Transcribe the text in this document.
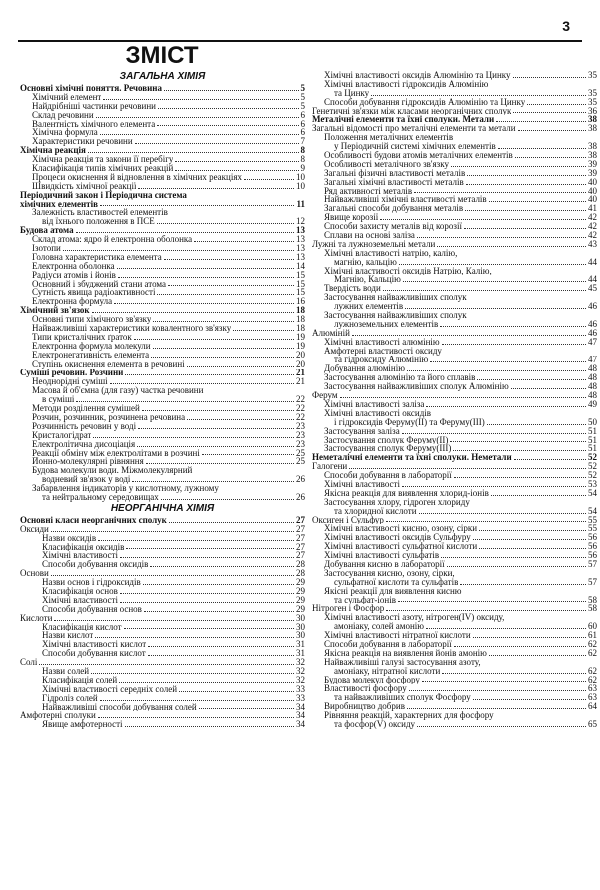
3
ЗМІСТ
ЗАГАЛЬНА ХІМІЯ
Основні хімічні поняття. Речовина	5
Хімічний елемент	5
Найдрібніші частинки речовини	5
Склад речовини	6
Валентність хімічного елемента	6
Хімічна формула	6
Характеристики речовини	7
Хімічна реакція	8
Хімічна реакція та закони її перебігу	8
Класифікація типів хімічних реакцій	9
Процеси окиснення й відновлення в хімічних реакціях	10
Швидкість хімічної реакції	10
Періодичний закон і Періодична система
хімічних елементів	11
Залежність властивостей елементів
від їхнього положення в ПСЕ	12
Будова атома	13
Склад атома: ядро й електронна оболонка	13
Ізотопи	13
Головна характеристика елемента	13
Електронна оболонка	14
Радіуси атомів і йонів	15
Основний і збуджений стани атома	15
Сутність явища радіоактивності	15
Електронна формула	16
Хімічний зв'язок	18
Основні типи хімічного зв'язку	18
Найважливіші характеристики ковалентного зв'язку	18
Типи кристалічних ґраток	19
Електронна формула молекули	19
Електронегативність елемента	20
Ступінь окиснення елемента в речовині	20
Суміші речовин. Розчини	21
Неоднорідні суміші	21
Масова й об'ємна (для газу) частка речовини
в суміші	22
Методи розділення сумішей	22
Розчин, розчинник, розчинена речовина	22
Розчинність речовин у воді	23
Кристалогідрат	23
Електролітична дисоціація	23
Реакції обміну між електролітами в розчині	25
Йонно-молекулярні рівняння	25
Будова молекули води. Міжмолекулярний
водневий зв'язок у воді	26
Забарвлення індикаторів у кислотному, лужному
та нейтральному середовищах	26
НЕОРГАНІЧНА ХІМІЯ
Основні класи неорганічних сполук	27
Оксиди	27
Назви оксидів	27
Класифікація оксидів	27
Хімічні властивості	27
Способи добування оксидів	28
Основи	28
Назви основ і гідроксидів	29
Класифікація основ	29
Хімічні властивості	29
Способи добування основ	29
Кислоти	30
Класифікація кислот	30
Назви кислот	30
Хімічні властивості кислот	31
Способи добування кислот	31
Солі	32
Назви солей	32
Класифікація солей	32
Хімічні властивості середніх солей	33
Гідроліз солей	33
Найважливіші способи добування солей	34
Амфотерні сполуки	34
Явище амфотерності	34
Хімічні властивості оксидів Алюмінію та Цинку	35
Хімічні властивості гідроксидів Алюмінію
та Цинку	35
Способи добування гідроксидів Алюмінію та Цинку	35
Генетичні зв'язки між класами неорганічних сполук	36
Металічні елементи та їхні сполуки. Метали	38
Загальні відомості про металічні елементи та метали	38
Положення металічних елементів
у Періодичній системі хімічних елементів	38
Особливості будови атомів металічних елементів	38
Особливості металічного зв'язку	39
Загальні фізичні властивості металів	39
Загальні хімічні властивості металів	40
Ряд активності металів	40
Найважливіші хімічні властивості металів	40
Загальні способи добування металів	41
Явище корозії	42
Способи захисту металів від корозії	42
Сплави на основі заліза	42
Лужні та лужноземельні метали	43
Хімічні властивості натрію, калію,
магнію, кальцію	44
Хімічні властивості оксидів Натрію, Калію,
Магнію, Кальцію	44
Твердість води	45
Застосування найважливіших сполук
лужних елементів	46
Застосування найважливіших сполук
лужноземельних елементів	46
Алюміній	46
Хімічні властивості алюмінію	47
Амфотерні властивості оксиду
та гідроксиду Алюмінію	47
Добування алюмінію	48
Застосування алюмінію та його сплавів	48
Застосування найважливіших сполук Алюмінію	48
Ферум	48
Хімічні властивості заліза	49
Хімічні властивості оксидів
і гідроксидів Феруму(II) та Феруму(III)	50
Застосування заліза	51
Застосування сполук Феруму(II)	51
Застосування сполук Феруму(III)	51
Неметалічні елементи та їхні сполуки. Неметали	52
Галогени	52
Способи добування в лабораторії	52
Хімічні властивості	53
Якісна реакція для виявлення хлорид-іонів	54
Застосування хлору, гідроген хлориду
та хлоридної кислоти	54
Оксиген і Сульфур	55
Хімічні властивості кисню, озону, сірки	55
Хімічні властивості оксидів Сульфуру	56
Хімічні властивості сульфатної кислоти	56
Хімічні властивості сульфатів	56
Добування кисню в лабораторії	57
Застосування кисню, озону, сірки,
сульфатної кислоти та сульфатів	57
Якісні реакції для виявлення кисню
та сульфат-іонів	58
Нітроген і Фосфор	58
Хімічні властивості азоту, нітроген(IV) оксиду,
амоніаку, солей амонію	60
Хімічні властивості нітратної кислоти	61
Способи добування в лабораторії	62
Якісна реакція на виявлення йонів амонію	62
Найважливіші галузі застосування азоту,
амоніаку, нітратної кислоти	62
Будова молекул фосфору	62
Властивості фосфору	63
та найважливіших сполук Фосфору	63
Виробництво добрив	64
Рівняння реакцій, характерних для фосфору
та фосфор(V) оксиду	65
